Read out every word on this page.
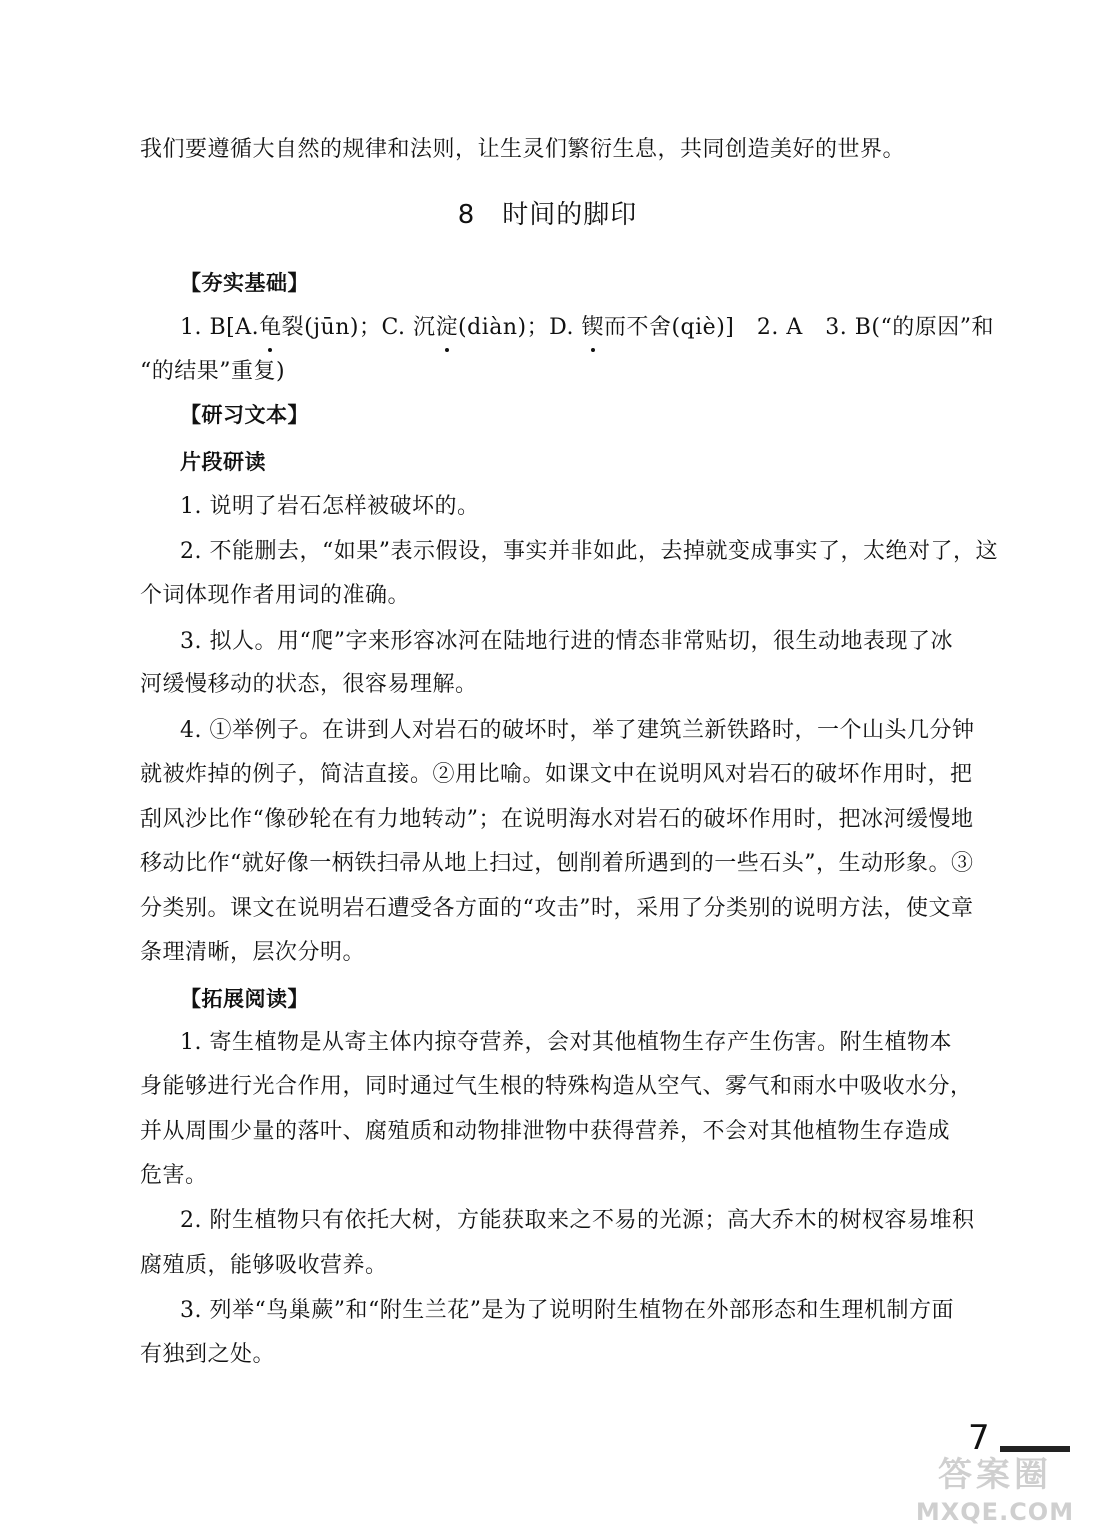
我们要遵循大自然的规律和法则，让生灵们繁衍生息，共同创造美好的世界。
8　时间的脚印
【夯实基础】
1. B[A.龟裂(jūn)；C. 沉淀(diàn)；D. 锲而不舍(qiè)]　2. A　3. B(“的原因”和
“的结果”重复)
【研习文本】
片段研读
1. 说明了岩石怎样被破坏的。
2. 不能删去，“如果”表示假设，事实并非如此，去掉就变成事实了，太绝对了，这
个词体现作者用词的准确。
3. 拟人。用“爬”字来形容冰河在陆地行进的情态非常贴切，很生动地表现了冰
河缓慢移动的状态，很容易理解。
4. ①举例子。在讲到人对岩石的破坏时，举了建筑兰新铁路时，一个山头几分钟
就被炸掉的例子，简洁直接。②用比喻。如课文中在说明风对岩石的破坏作用时，把
刮风沙比作“像砂轮在有力地转动”；在说明海水对岩石的破坏作用时，把冰河缓慢地
移动比作“就好像一柄铁扫帚从地上扫过，刨削着所遇到的一些石头”，生动形象。③
分类别。课文在说明岩石遭受各方面的“攻击”时，采用了分类别的说明方法，使文章
条理清晰，层次分明。
【拓展阅读】
1. 寄生植物是从寄主体内掠夺营养，会对其他植物生存产生伤害。附生植物本
身能够进行光合作用，同时通过气生根的特殊构造从空气、雾气和雨水中吸收水分，
并从周围少量的落叶、腐殖质和动物排泄物中获得营养，不会对其他植物生存造成
危害。
2. 附生植物只有依托大树，方能获取来之不易的光源；高大乔木的树杈容易堆积
腐殖质，能够吸收营养。
3. 列举“鸟巢蕨”和“附生兰花”是为了说明附生植物在外部形态和生理机制方面
有独到之处。
7
答案圈
MXQE.COM
